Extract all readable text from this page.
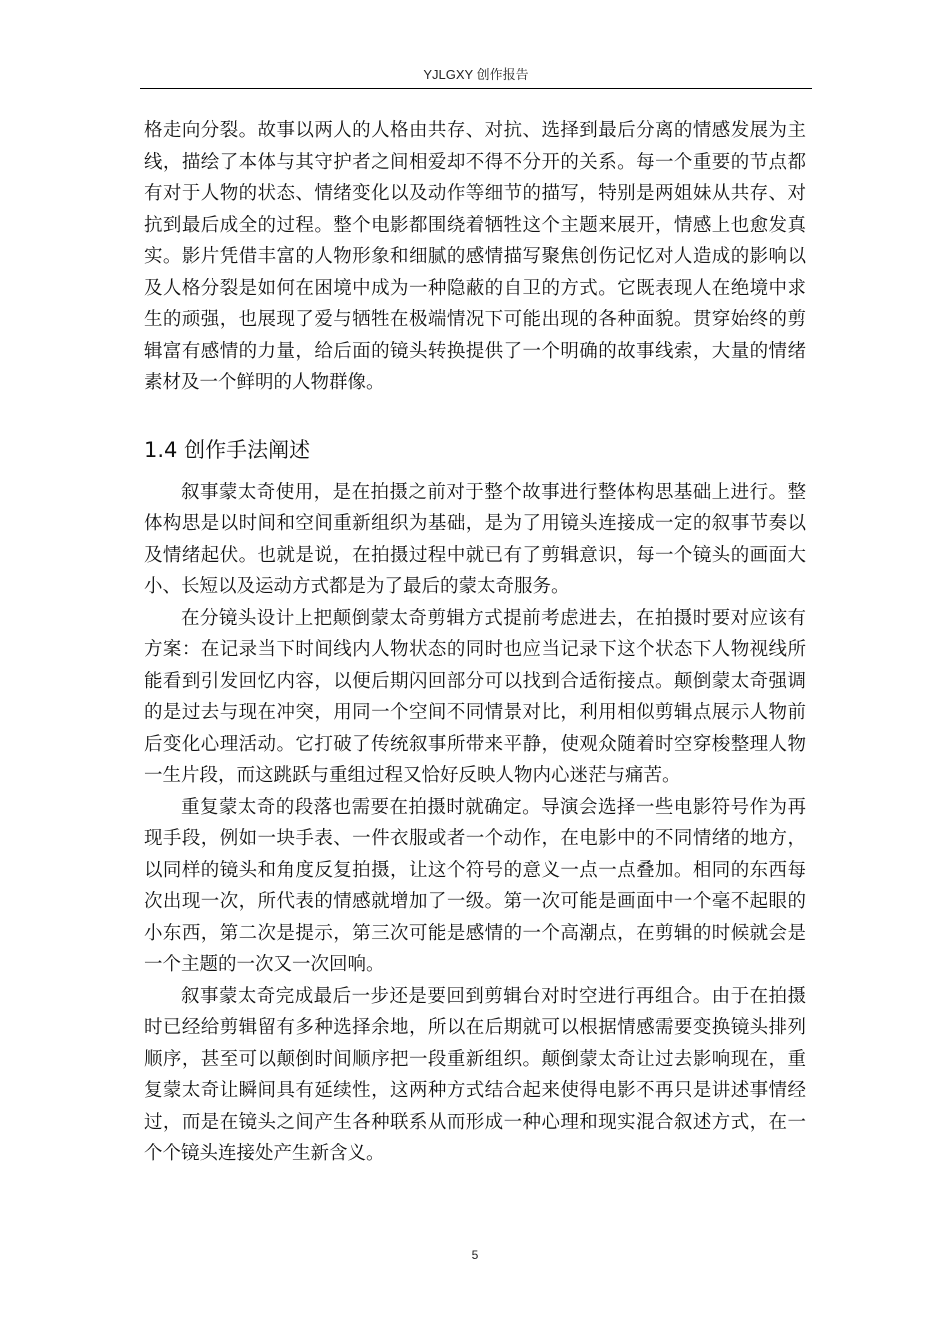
YJLGXY 创作报告

格走向分裂。故事以两人的人格由共存、对抗、选择到最后分离的情感发展为主线，描绘了本体与其守护者之间相爱却不得不分开的关系。每一个重要的节点都有对于人物的状态、情绪变化以及动作等细节的描写，特别是两姐妹从共存、对抗到最后成全的过程。整个电影都围绕着牺牲这个主题来展开，情感上也愈发真实。影片凭借丰富的人物形象和细腻的感情描写聚焦创伤记忆对人造成的影响以及人格分裂是如何在困境中成为一种隐蔽的自卫的方式。它既表现人在绝境中求生的顽强，也展现了爱与牺牲在极端情况下可能出现的各种面貌。贯穿始终的剪辑富有感情的力量，给后面的镜头转换提供了一个明确的故事线索，大量的情绪素材及一个鲜明的人物群像。

1.4 创作手法阐述

叙事蒙太奇使用，是在拍摄之前对于整个故事进行整体构思基础上进行。整体构思是以时间和空间重新组织为基础，是为了用镜头连接成一定的叙事节奏以及情绪起伏。也就是说，在拍摄过程中就已有了剪辑意识，每一个镜头的画面大小、长短以及运动方式都是为了最后的蒙太奇服务。

在分镜头设计上把颠倒蒙太奇剪辑方式提前考虑进去，在拍摄时要对应该有方案：在记录当下时间线内人物状态的同时也应当记录下这个状态下人物视线所能看到引发回忆内容，以便后期闪回部分可以找到合适衔接点。颠倒蒙太奇强调的是过去与现在冲突，用同一个空间不同情景对比，利用相似剪辑点展示人物前后变化心理活动。它打破了传统叙事所带来平静，使观众随着时空穿梭整理人物一生片段，而这跳跃与重组过程又恰好反映人物内心迷茫与痛苦。

重复蒙太奇的段落也需要在拍摄时就确定。导演会选择一些电影符号作为再现手段，例如一块手表、一件衣服或者一个动作，在电影中的不同情绪的地方，以同样的镜头和角度反复拍摄，让这个符号的意义一点一点叠加。相同的东西每次出现一次，所代表的情感就增加了一级。第一次可能是画面中一个毫不起眼的小东西，第二次是提示，第三次可能是感情的一个高潮点，在剪辑的时候就会是一个主题的一次又一次回响。

叙事蒙太奇完成最后一步还是要回到剪辑台对时空进行再组合。由于在拍摄时已经给剪辑留有多种选择余地，所以在后期就可以根据情感需要变换镜头排列顺序，甚至可以颠倒时间顺序把一段重新组织。颠倒蒙太奇让过去影响现在，重复蒙太奇让瞬间具有延续性，这两种方式结合起来使得电影不再只是讲述事情经过，而是在镜头之间产生各种联系从而形成一种心理和现实混合叙述方式，在一个个镜头连接处产生新含义。

5
